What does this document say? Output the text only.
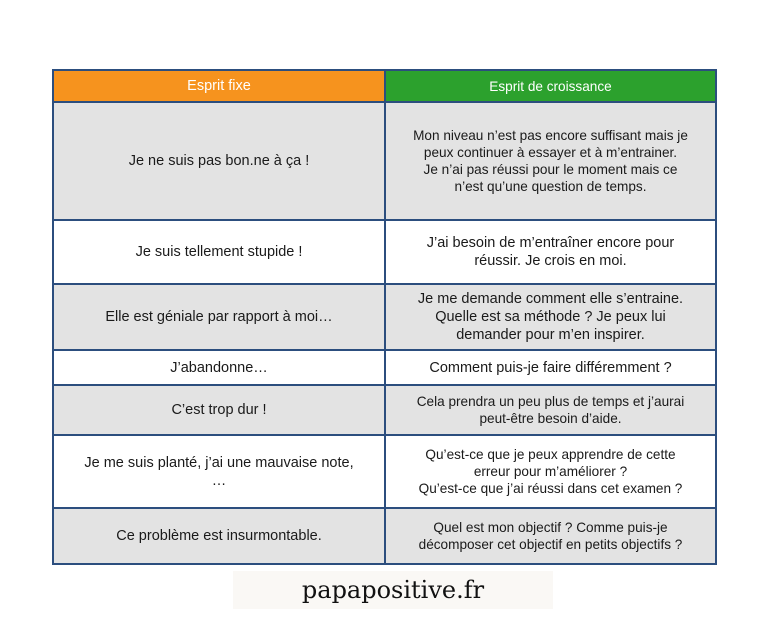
Esprit fixe	Esprit de croissance
Je ne suis pas bon.ne à ça !
Mon niveau n’est pas encore suffisant mais je
peux continuer à essayer et à m’entrainer.
Je n’ai pas réussi pour le moment mais ce
n’est qu’une question de temps.
Je suis tellement stupide !
J’ai besoin de m’entraîner encore pour
réussir. Je crois en moi.
Elle est géniale par rapport à moi…
Je me demande comment elle s’entraine.
Quelle est sa méthode ? Je peux lui
demander pour m’en inspirer.
J’abandonne…	Comment puis-je faire différemment ?
C’est trop dur !
Cela prendra un peu plus de temps et j’aurai
peut-être besoin d’aide.
Je me suis planté, j’ai une mauvaise note,
…
Qu’est-ce que je peux apprendre de cette
erreur pour m’améliorer ?
Qu’est-ce que j’ai réussi dans cet examen ?
Ce problème est insurmontable.
Quel est mon objectif ? Comme puis-je
décomposer cet objectif en petits objectifs ?
papapositive.fr
